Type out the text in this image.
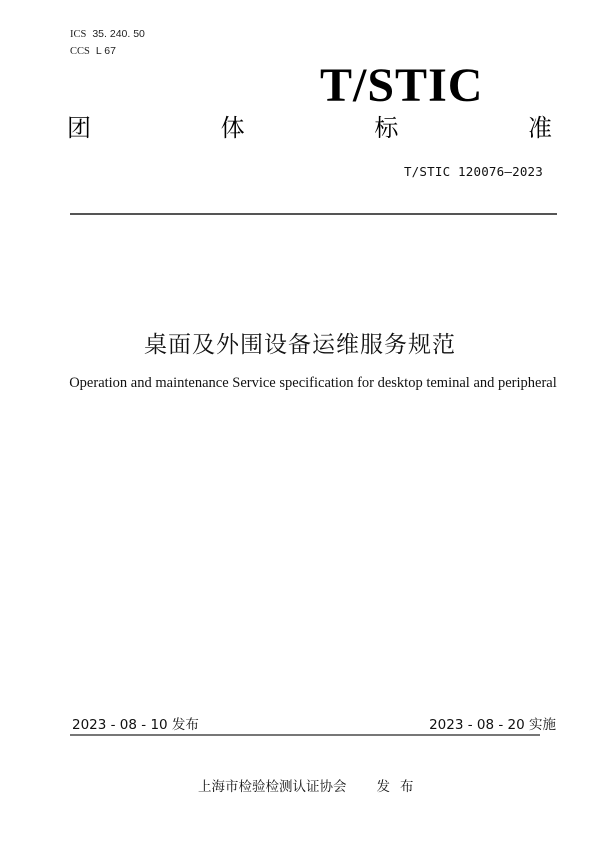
ICS 35. 240. 50
CCS L 67
T/STIC
团	体	标	准
T/STIC 120076—2023
桌面及外围设备运维服务规范
Operation and maintenance Service specification for desktop teminal and peripheral
2023 - 08 - 10 发布	2023 - 08 - 20 实施
上海市检验检测认证协会 发布
